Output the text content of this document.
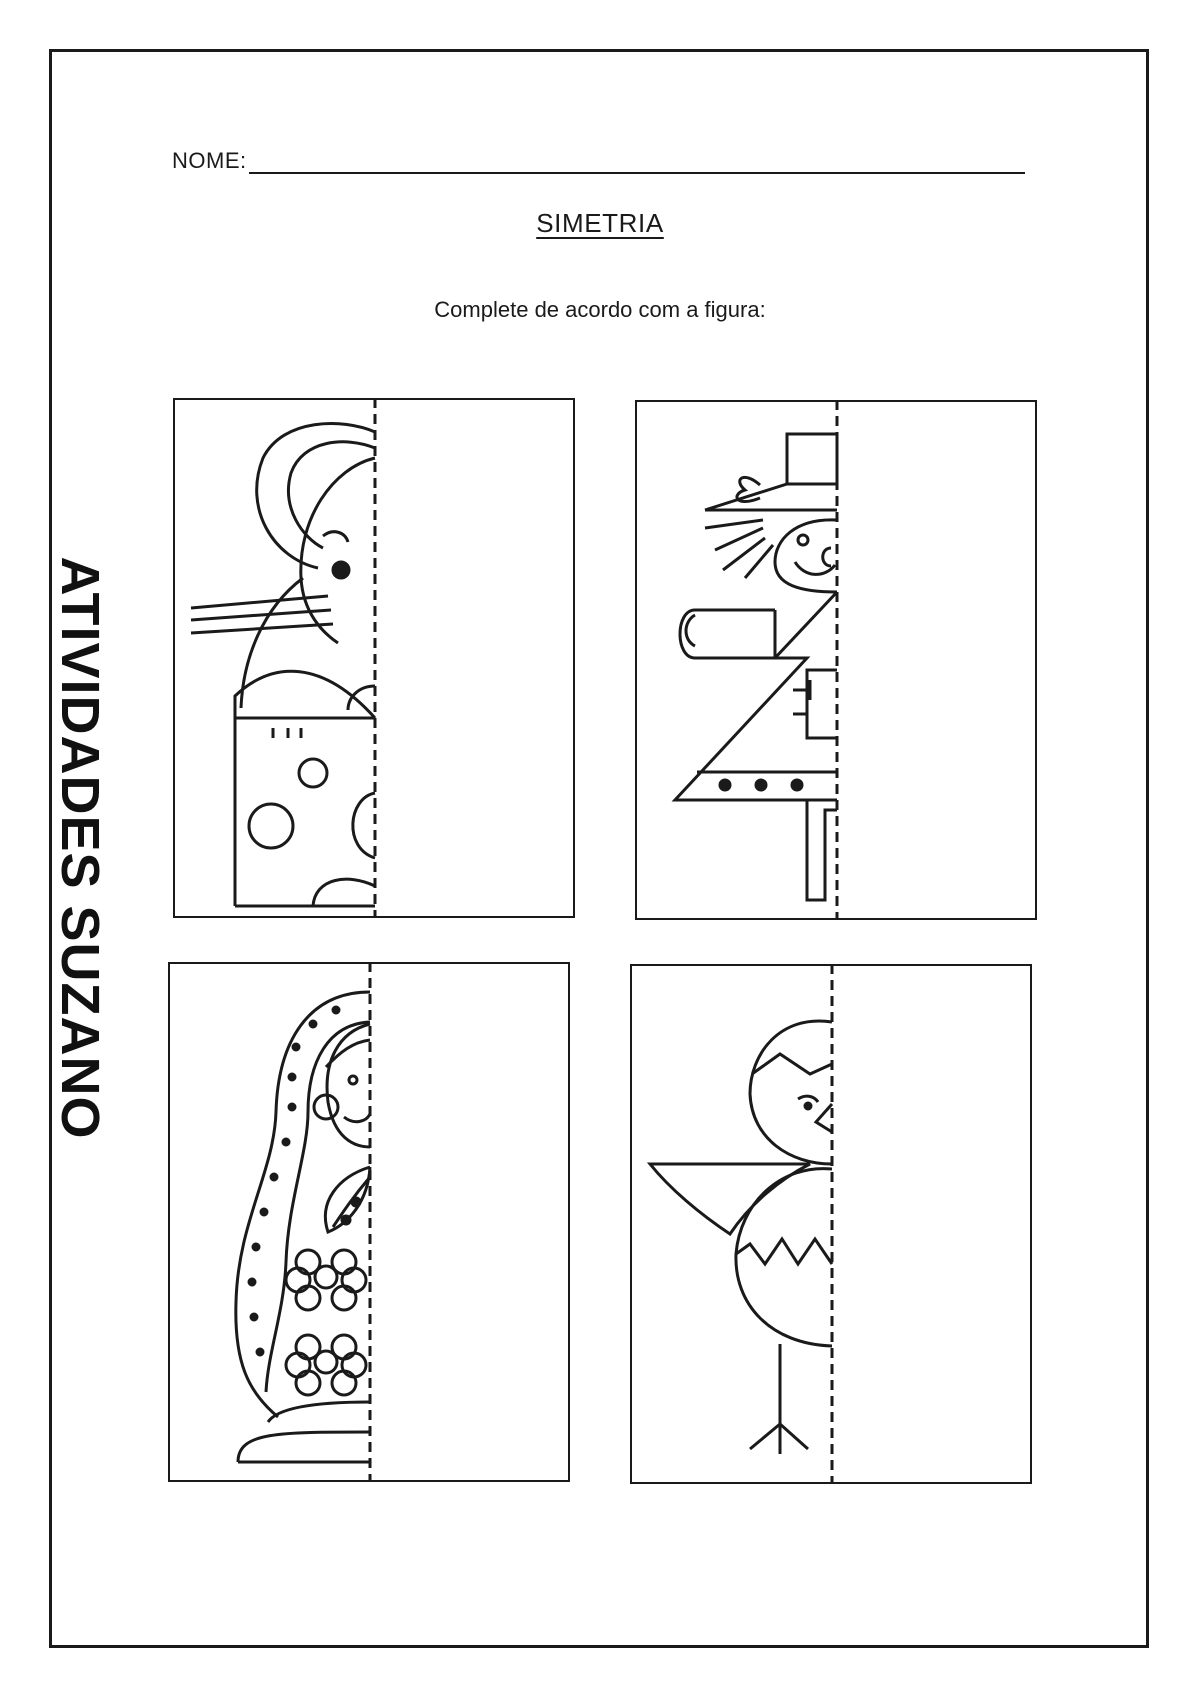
NOME:
SIMETRIA
Complete de acordo com a figura:
ATIVIDADES SUZANO
